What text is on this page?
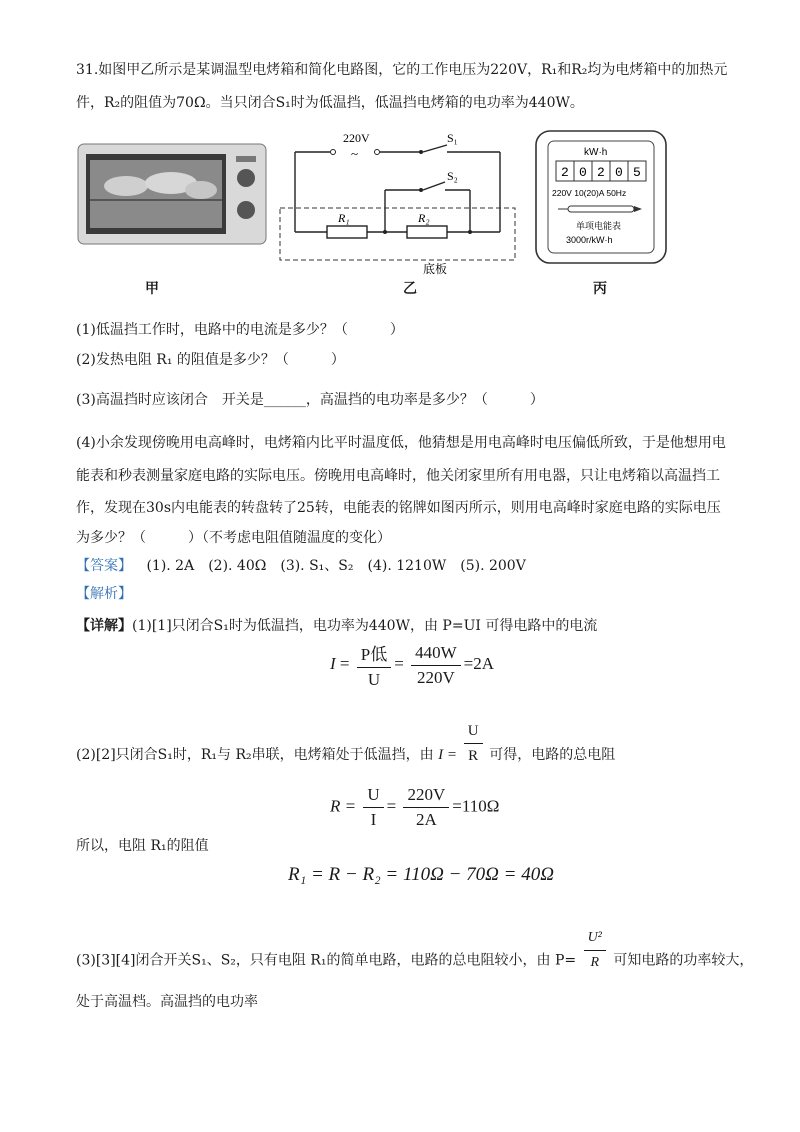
31.如图甲乙所示是某调温型电烤箱和简化电路图，它的工作电压为220V，R₁和R₂均为电烤箱中的加热元
件，R₂的阻值为70Ω。当只闭合S₁时为低温挡，低温挡电烤箱的电功率为440W。
甲
220V
~
S₁
S₂
R₁	R₂
底板
乙
kW·h
2 0 2 0 5
220V 10(20)A 50Hz
单项电能表
3000r/kW·h
丙
(1)低温挡工作时，电路中的电流是多少？（　　　）
(2)发热电阻 R₁ 的阻值是多少？（　　　）
(3)高温挡时应该闭合　开关是______，高温挡的电功率是多少？（　　　）
(4)小余发现傍晚用电高峰时，电烤箱内比平时温度低，他猜想是用电高峰时电压偏低所致，于是他想用电
能表和秒表测量家庭电路的实际电压。傍晚用电高峰时，他关闭家里所有用电器，只让电烤箱以高温挡工
作，发现在30s内电能表的转盘转了25转，电能表的铭牌如图丙所示，则用电高峰时家庭电路的实际电压
为多少？（　　　）（不考虑电阻值随温度的变化）
【答案】 (1). 2A　(2). 40Ω　(3). S₁、S₂　(4). 1210W　(5). 200V
【解析】
【详解】(1)[1]只闭合S₁时为低温挡，电功率为440W，由 P=UI 可得电路中的电流
$I = \frac{\text{P低}}{U} = \frac{440W}{220V} =2A$
(2)[2]只闭合S₁时，R₁与 R₂串联，电烤箱处于低温挡，由 $I = \frac{U}{R}$ 可得，电路的总电阻
$R = \frac{U}{I} = \frac{220V}{2A} =110\Omega$
所以，电阻 R₁的阻值
R₁ = R − R₂ = 110Ω − 70Ω = 40Ω
(3)[3][4]闭合开关S₁、S₂，只有电阻 R₁的简单电路，电路的总电阻较小，由 $P= \frac{\text{U²}}{R}$ 可知电路的功率较大，
处于高温档。高温挡的电功率
